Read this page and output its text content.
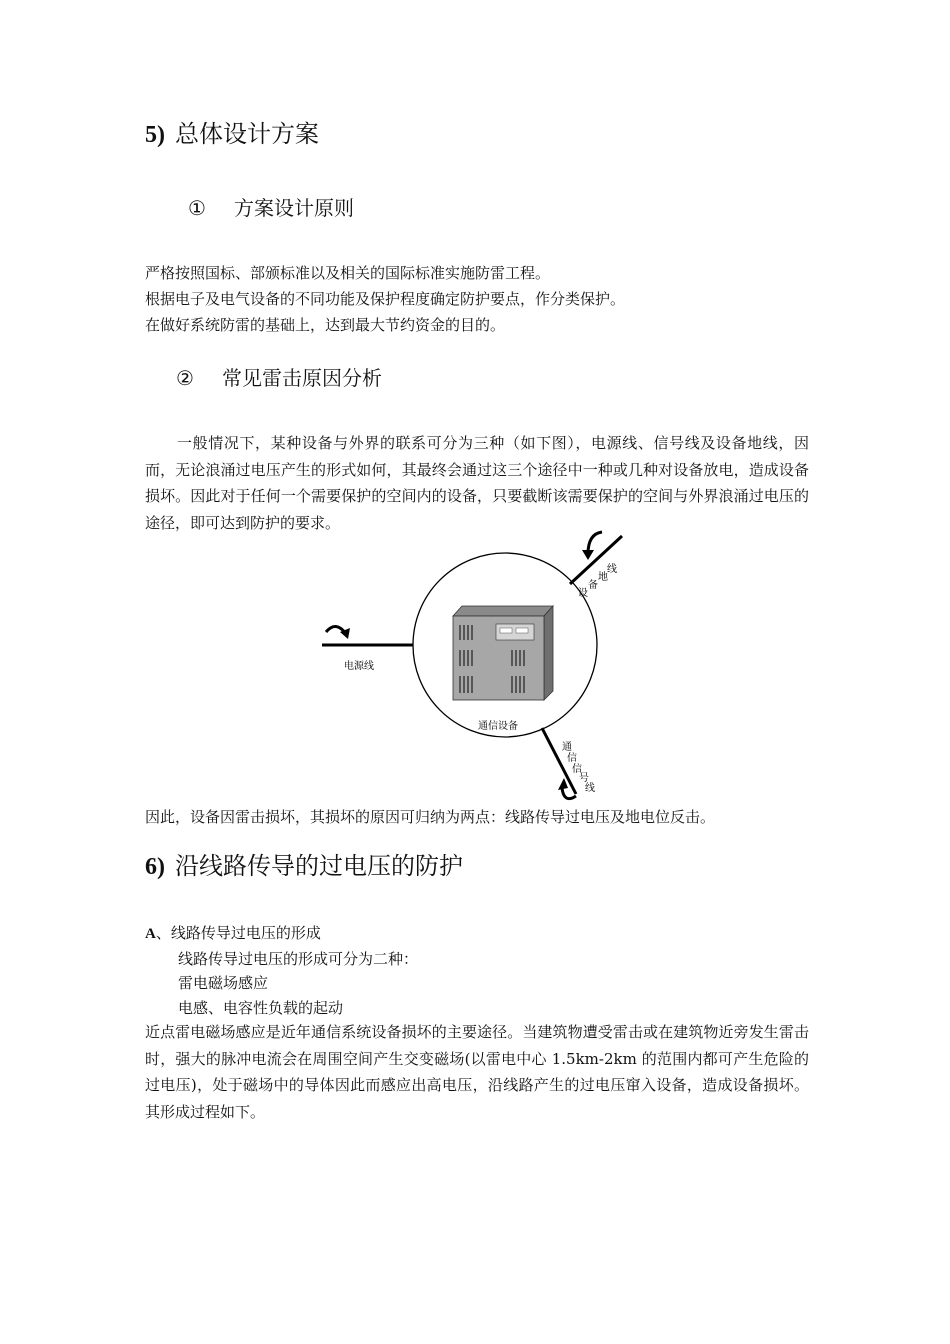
5) 总体设计方案
① 方案设计原则
严格按照国标、部颁标准以及相关的国际标准实施防雷工程。
根据电子及电气设备的不同功能及保护程度确定防护要点，作分类保护。
在做好系统防雷的基础上，达到最大节约资金的目的。
② 常见雷击原因分析
一般情况下，某种设备与外界的联系可分为三种（如下图），电源线、信号线及设备地线，因而，无论浪涌过电压产生的形式如何，其最终会通过这三个途径中一种或几种对设备放电，造成设备损坏。因此对于任何一个需要保护的空间内的设备，只要截断该需要保护的空间与外界浪涌过电压的途径，即可达到防护的要求。
电源线
通信设备
设
备
地
线
通
信
信
号
线
因此，设备因雷击损坏，其损坏的原因可归纳为两点：线路传导过电压及地电位反击。
6) 沿线路传导的过电压的防护
A、线路传导过电压的形成
线路传导过电压的形成可分为二种：
雷电磁场感应
电感、电容性负载的起动
近点雷电磁场感应是近年通信系统设备损坏的主要途径。当建筑物遭受雷击或在建筑物近旁发生雷击时，强大的脉冲电流会在周围空间产生交变磁场(以雷电中心 1.5km-2km 的范围内都可产生危险的过电压)，处于磁场中的导体因此而感应出高电压，沿线路产生的过电压窜入设备，造成设备损坏。其形成过程如下。
